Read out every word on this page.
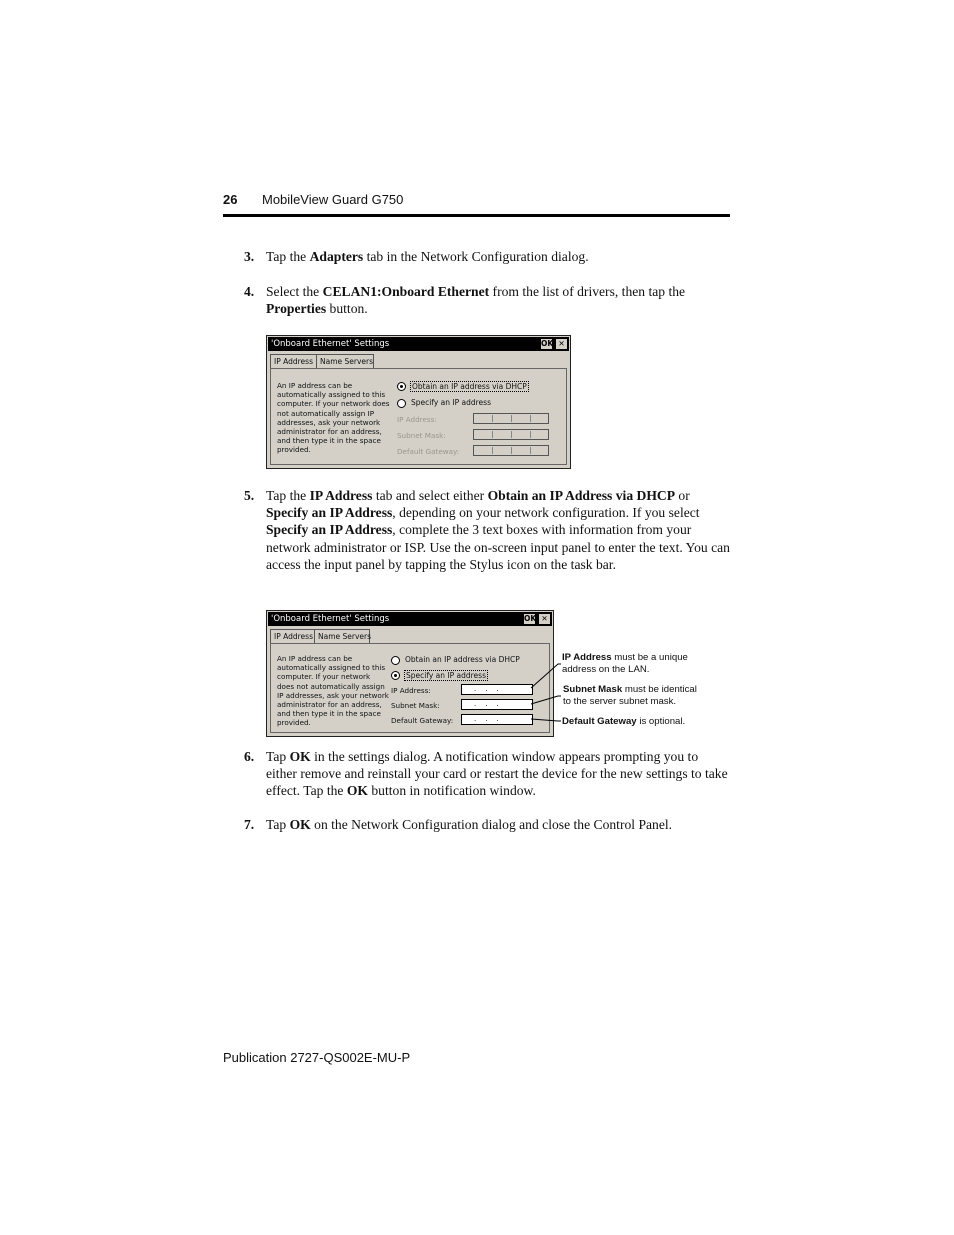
26 MobileView Guard G750
3. Tap the Adapters tab in the Network Configuration dialog.
4. Select the CELAN1:Onboard Ethernet from the list of drivers, then tap the Properties button.
5. Tap the IP Address tab and select either Obtain an IP Address via DHCP or Specify an IP Address, depending on your network configuration. If you select Specify an IP Address, complete the 3 text boxes with information from your network administrator or ISP. Use the on-screen input panel to enter the text. You can access the input panel by tapping the Stylus icon on the task bar.
6. Tap OK in the settings dialog. A notification window appears prompting you to either remove and reinstall your card or restart the device for the new settings to take effect. Tap the OK button in notification window.
7. Tap OK on the Network Configuration dialog and close the Control Panel.
'Onboard Ethernet' Settings	OK ✕
IP Address Name Servers
An IP address can be automatically assigned to this computer. If your network does not automatically assign IP addresses, ask your network administrator for an address, and then type it in the space provided.
Obtain an IP address via DHCP
Specify an IP address
IP Address:
Subnet Mask:
Default Gateway:
'Onboard Ethernet' Settings	OK ✕
IP Address Name Servers
An IP address can be automatically assigned to this computer. If your network does not automatically assign IP addresses, ask your network administrator for an address, and then type it in the space provided.
Obtain an IP address via DHCP
Specify an IP address
IP Address:	...
Subnet Mask:	...
Default Gateway:	...
IP Address must be a unique address on the LAN.
Subnet Mask must be identical to the server subnet mask.
Default Gateway is optional.
Publication 2727-QS002E-MU-P
